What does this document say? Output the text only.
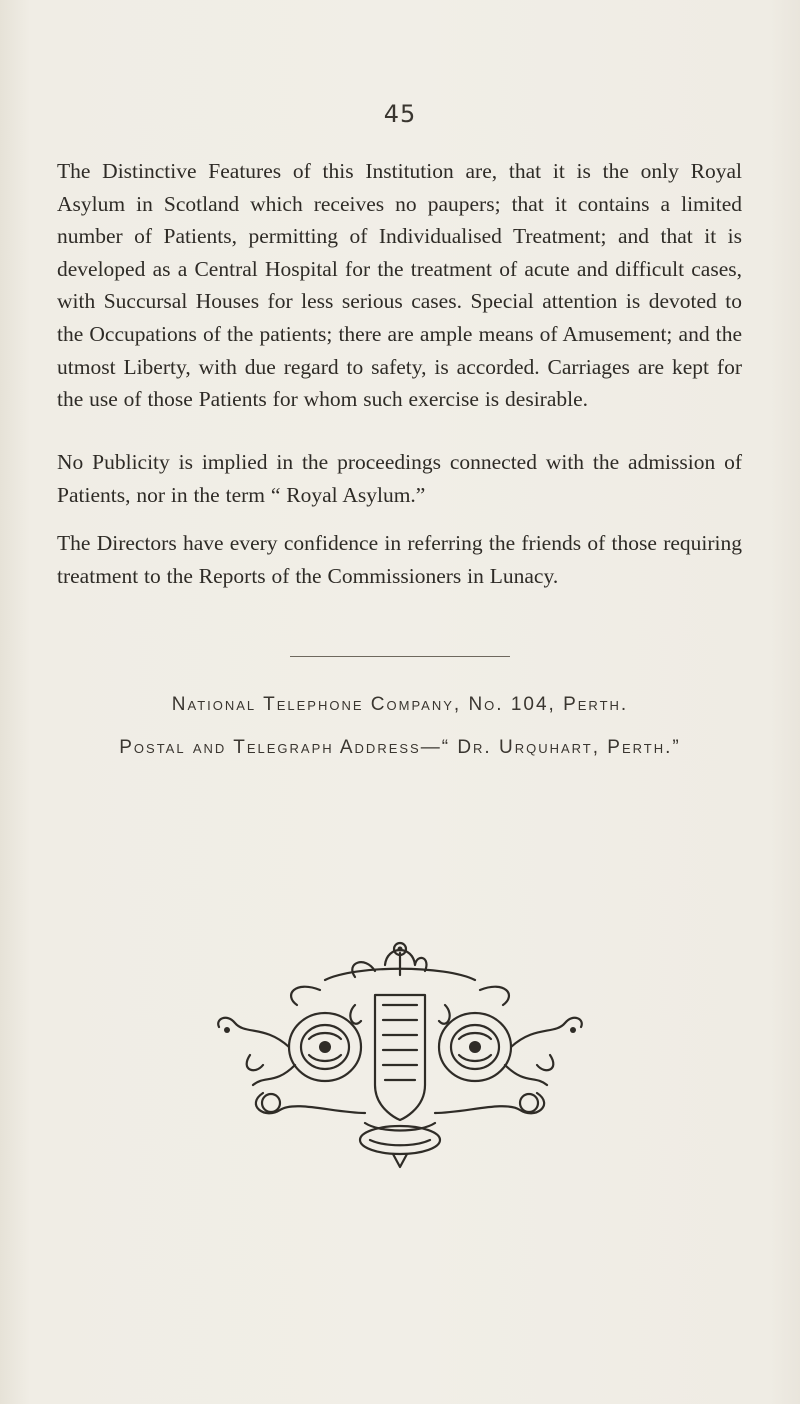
45

The Distinctive Features of this Institution are, that it is the only Royal Asylum in Scotland which receives no paupers; that it contains a limited number of Patients, permitting of Individualised Treatment; and that it is developed as a Central Hospital for the treatment of acute and difficult cases, with Succursal Houses for less serious cases. Special attention is devoted to the Occupations of the patients; there are ample means of Amusement; and the utmost Liberty, with due regard to safety, is accorded. Carriages are kept for the use of those Patients for whom such exercise is desirable.

No Publicity is implied in the proceedings connected with the admission of Patients, nor in the term “ Royal Asylum.”

The Directors have every confidence in referring the friends of those requiring treatment to the Reports of the Commissioners in Lunacy.

National Telephone Company, No. 104, Perth.
Postal and Telegraph Address—“ Dr. Urquhart, Perth.”
